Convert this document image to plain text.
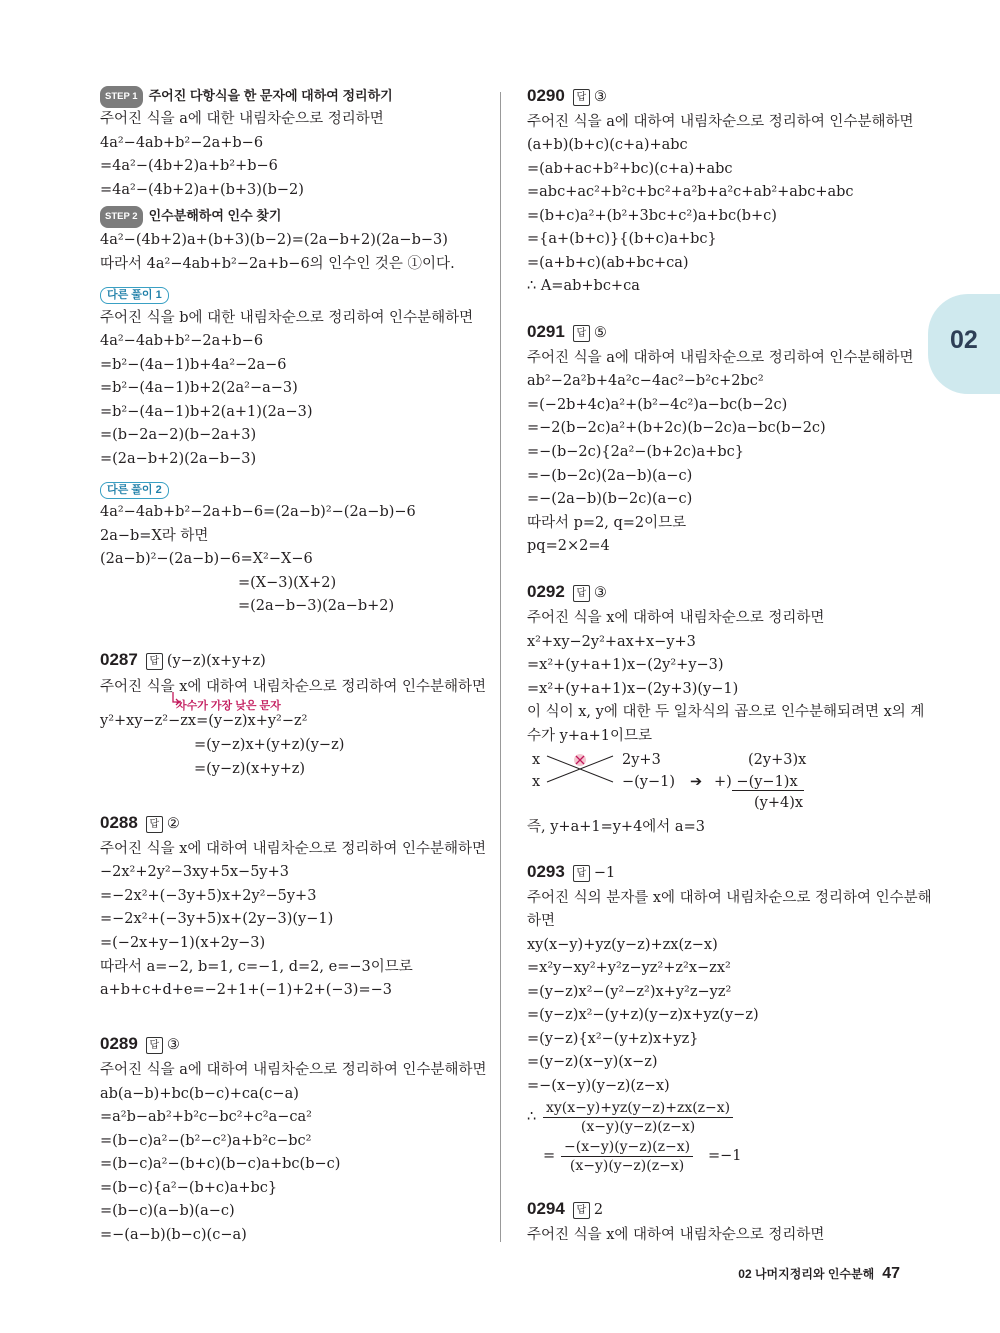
02
STEP 1 주어진 다항식을 한 문자에 대하여 정리하기
주어진 식을 a에 대한 내림차순으로 정리하면
4a²−4ab+b²−2a+b−6
=4a²−(4b+2)a+b²+b−6
=4a²−(4b+2)a+(b+3)(b−2)
STEP 2 인수분해하여 인수 찾기
4a²−(4b+2)a+(b+3)(b−2)=(2a−b+2)(2a−b−3)
따라서 4a²−4ab+b²−2a+b−6의 인수인 것은 ①이다.
다른 풀이 1
주어진 식을 b에 대한 내림차순으로 정리하여 인수분해하면
4a²−4ab+b²−2a+b−6
=b²−(4a−1)b+4a²−2a−6
=b²−(4a−1)b+2(2a²−a−3)
=b²−(4a−1)b+2(a+1)(2a−3)
=(b−2a−2)(b−2a+3)
=(2a−b+2)(2a−b−3)
다른 풀이 2
4a²−4ab+b²−2a+b−6=(2a−b)²−(2a−b)−6
2a−b=X라 하면
(2a−b)²−(2a−b)−6=X²−X−6
=(X−3)(X+2)
=(2a−b−3)(2a−b+2)
0287 답 (y−z)(x+y+z)
주어진 식을 x에 대하여 내림차순으로 정리하여 인수분해하면
차수가 가장 낮은 문자
y²+xy−z²−zx=(y−z)x+y²−z²
=(y−z)x+(y+z)(y−z)
=(y−z)(x+y+z)
0288 답 ②
주어진 식을 x에 대하여 내림차순으로 정리하여 인수분해하면
−2x²+2y²−3xy+5x−5y+3
=−2x²+(−3y+5)x+2y²−5y+3
=−2x²+(−3y+5)x+(2y−3)(y−1)
=(−2x+y−1)(x+2y−3)
따라서 a=−2, b=1, c=−1, d=2, e=−3이므로
a+b+c+d+e=−2+1+(−1)+2+(−3)=−3
0289 답 ③
주어진 식을 a에 대하여 내림차순으로 정리하여 인수분해하면
ab(a−b)+bc(b−c)+ca(c−a)
=a²b−ab²+b²c−bc²+c²a−ca²
=(b−c)a²−(b²−c²)a+b²c−bc²
=(b−c)a²−(b+c)(b−c)a+bc(b−c)
=(b−c){a²−(b+c)a+bc}
=(b−c)(a−b)(a−c)
=−(a−b)(b−c)(c−a)
0290 답 ③
주어진 식을 a에 대하여 내림차순으로 정리하여 인수분해하면
(a+b)(b+c)(c+a)+abc
=(ab+ac+b²+bc)(c+a)+abc
=abc+ac²+b²c+bc²+a²b+a²c+ab²+abc+abc
=(b+c)a²+(b²+3bc+c²)a+bc(b+c)
={a+(b+c)}{(b+c)a+bc}
=(a+b+c)(ab+bc+ca)
∴ A=ab+bc+ca
0291 답 ⑤
주어진 식을 a에 대하여 내림차순으로 정리하여 인수분해하면
ab²−2a²b+4a²c−4ac²−b²c+2bc²
=(−2b+4c)a²+(b²−4c²)a−bc(b−2c)
=−2(b−2c)a²+(b+2c)(b−2c)a−bc(b−2c)
=−(b−2c){2a²−(b+2c)a+bc}
=−(b−2c)(2a−b)(a−c)
=−(2a−b)(b−2c)(a−c)
따라서 p=2, q=2이므로
pq=2×2=4
0292 답 ③
주어진 식을 x에 대하여 내림차순으로 정리하면
x²+xy−2y²+ax+x−y+3
=x²+(y+a+1)x−(2y²+y−3)
=x²+(y+a+1)x−(2y+3)(y−1)
이 식이 x, y에 대한 두 일차식의 곱으로 인수분해되려면 x의 계
수가 y+a+1이므로
x
x
2y+3
−(y−1) ➔
(2y+3)x
+) −(y−1)x
(y+4)x
즉, y+a+1=y+4에서 a=3
0293 답 −1
주어진 식의 분자를 x에 대하여 내림차순으로 정리하여 인수분해
하면
xy(x−y)+yz(y−z)+zx(z−x)
=x²y−xy²+y²z−yz²+z²x−zx²
=(y−z)x²−(y²−z²)x+y²z−yz²
=(y−z)x²−(y+z)(y−z)x+yz(y−z)
=(y−z){x²−(y+z)x+yz}
=(y−z)(x−y)(x−z)
=−(x−y)(y−z)(z−x)
∴ $\frac{xy(x-y)+yz(y-z)+zx(z-x)}{(x-y)(y-z)(z-x)}$
= $\frac{-(x-y)(y-z)(z-x)}{(x-y)(y-z)(z-x)} =-1$
0294 답 2
주어진 식을 x에 대하여 내림차순으로 정리하면
02 나머지정리와 인수분해 47
